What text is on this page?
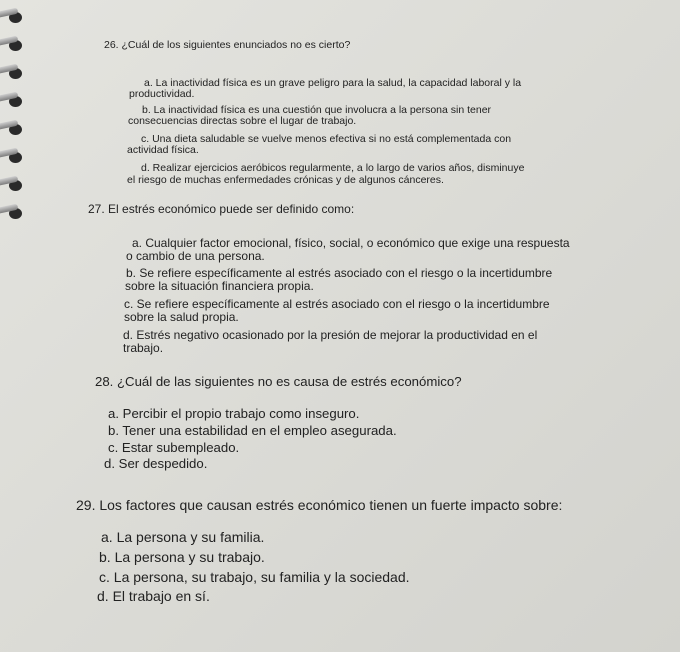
26. ¿Cuál de los siguientes enunciados no es cierto?

a. La inactividad física es un grave peligro para la salud, la capacidad laboral y la

productividad.

b. La inactividad física es una cuestión que involucra a la persona sin tener

consecuencias directas sobre el lugar de trabajo.

c. Una dieta saludable se vuelve menos efectiva si no está complementada con

actividad física.

d. Realizar ejercicios aeróbicos regularmente, a lo largo de varios años, disminuye

el riesgo de muchas enfermedades crónicas y de algunos cánceres.

27. El estrés económico puede ser definido como:

a. Cualquier factor emocional, físico, social, o económico que exige una respuesta

o cambio de una persona.

b. Se refiere específicamente al estrés asociado con el riesgo o la incertidumbre

sobre la situación financiera propia.

c. Se refiere específicamente al estrés asociado con el riesgo o la incertidumbre

sobre la salud propia.

d. Estrés negativo ocasionado por la presión de mejorar la productividad en el

trabajo.

28. ¿Cuál de las siguientes no es causa de estrés económico?

a. Percibir el propio trabajo como inseguro.

b. Tener una estabilidad en el empleo asegurada.

c. Estar subempleado.

d. Ser despedido.

29. Los factores que causan estrés económico tienen un fuerte impacto sobre:

a. La persona y su familia.

b. La persona y su trabajo.

c. La persona, su trabajo, su familia y la sociedad.

d. El trabajo en sí.
